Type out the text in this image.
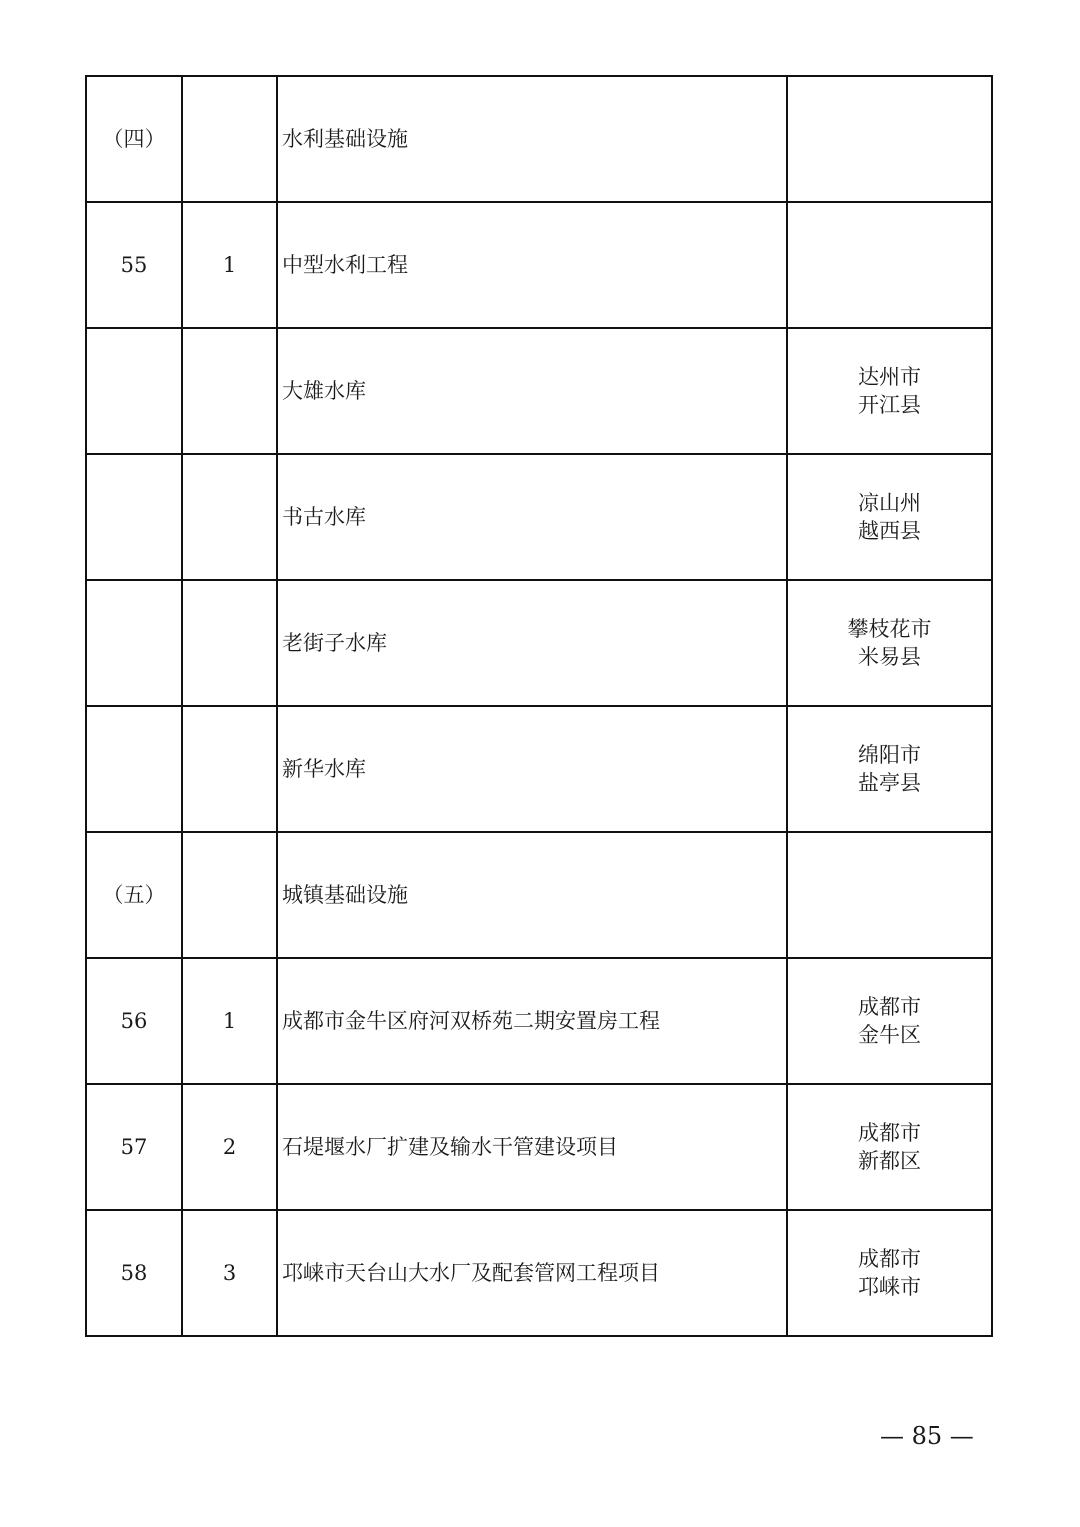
（四）		水利基础设施	

55	1	中型水利工程	

		大雄水库	达州市
开江县

		书古水库	凉山州
越西县

		老街子水库	攀枝花市
米易县

		新华水库	绵阳市
盐亭县

（五）		城镇基础设施	

56	1	成都市金牛区府河双桥苑二期安置房工程	成都市
金牛区

57	2	石堤堰水厂扩建及输水干管建设项目	成都市
新都区

58	3	邛崃市天台山大水厂及配套管网工程项目	成都市
邛崃市
— 85 —
